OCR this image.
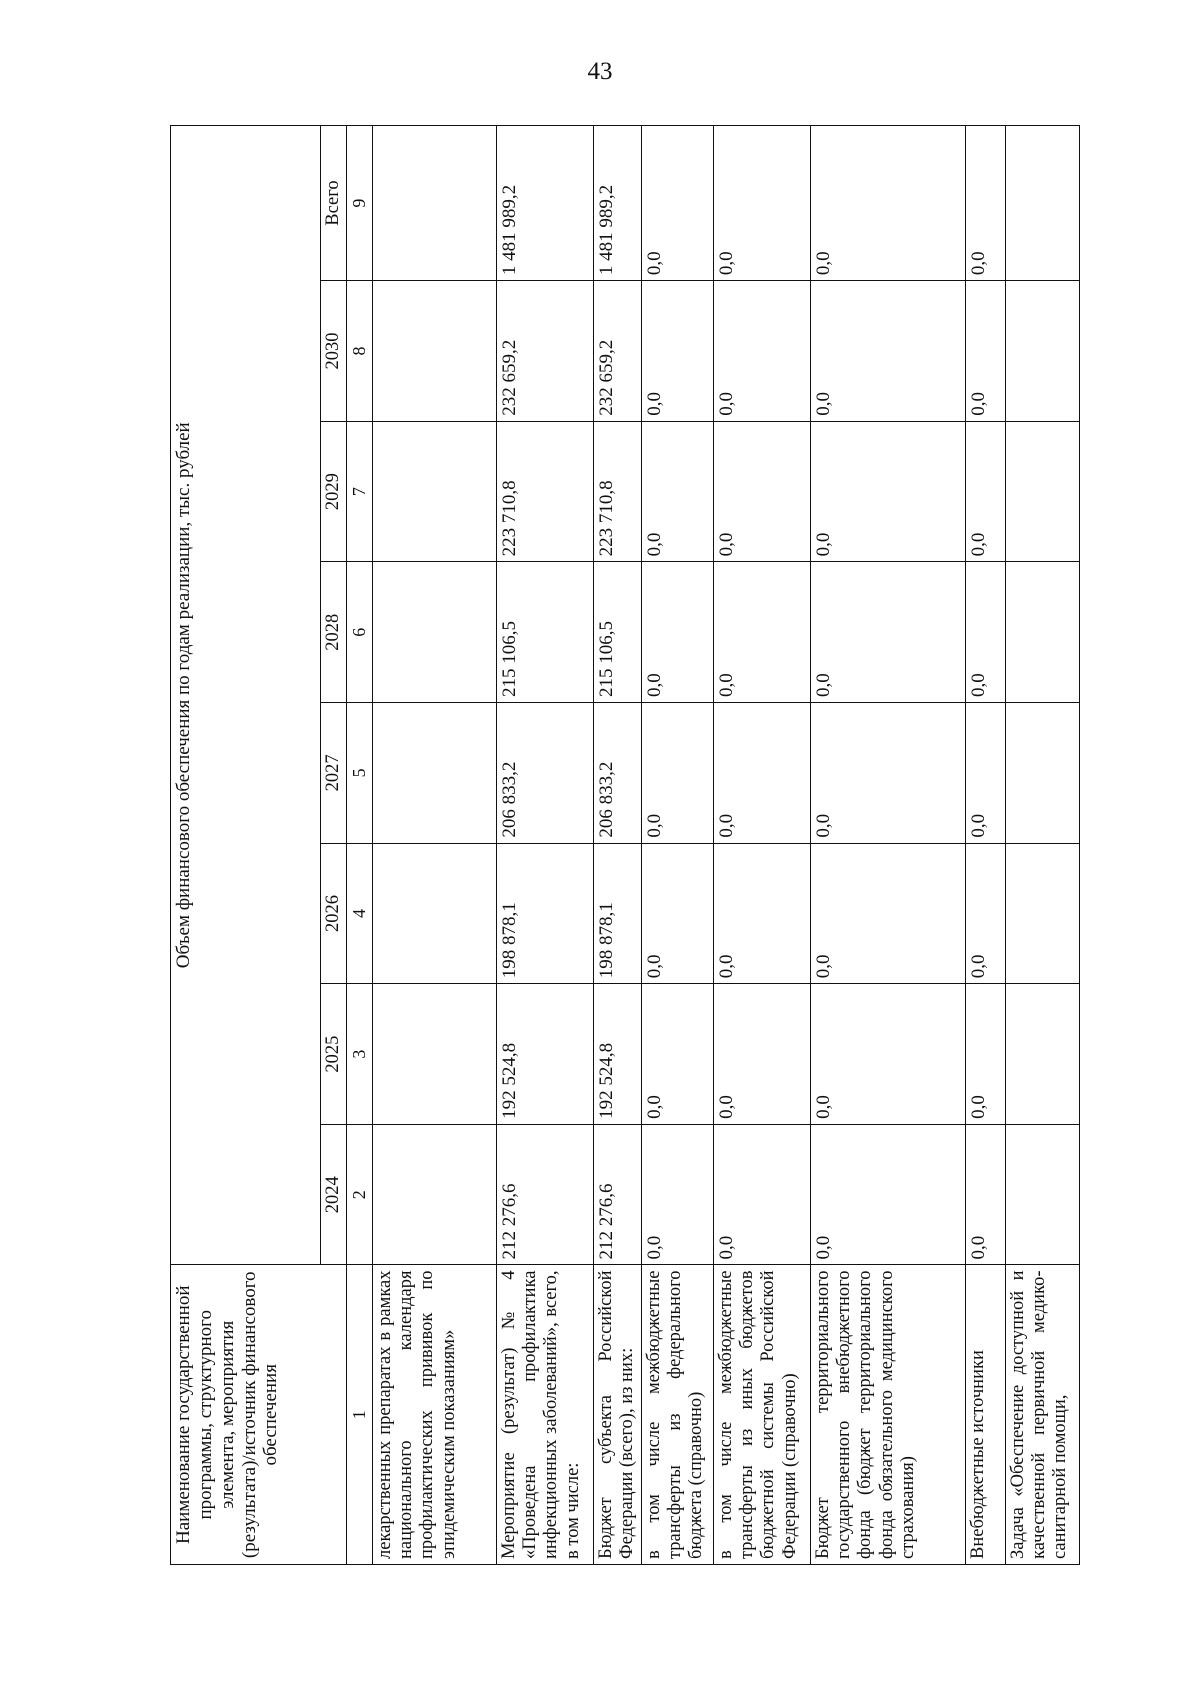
43
Наименование государственной программы, структурного элемента, мероприятия (результата)/источник финансового обеспечения	Объем финансового обеспечения по годам реализации, тыс. рублей							
	2024	2025	2026	2027	2028	2029	2030	Всего
1	2	3	4	5	6	7	8	9
лекарственных препаратах в рамках национального календаря профилактических прививок по эпидемическим показаниям»								
Мероприятие (результат) № 4 «Проведена профилактика инфекционных заболеваний», всего, в том числе:	212 276,6	192 524,8	198 878,1	206 833,2	215 106,5	223 710,8	232 659,2	1 481 989,2
Бюджет субъекта Российской Федерации (всего), из них:	212 276,6	192 524,8	198 878,1	206 833,2	215 106,5	223 710,8	232 659,2	1 481 989,2
в том числе межбюджетные трансферты из федерального бюджета (справочно)	0,0	0,0	0,0	0,0	0,0	0,0	0,0	0,0
в том числе межбюджетные трансферты из иных бюджетов бюджетной системы Российской Федерации (справочно)	0,0	0,0	0,0	0,0	0,0	0,0	0,0	0,0
Бюджет территориального государственного внебюджетного фонда (бюджет территориального фонда обязательного медицинского страхования)	0,0	0,0	0,0	0,0	0,0	0,0	0,0	0,0
Внебюджетные источники	0,0	0,0	0,0	0,0	0,0	0,0	0,0	0,0
Задача «Обеспечение доступной и качественной первичной медико-санитарной помощи,								
